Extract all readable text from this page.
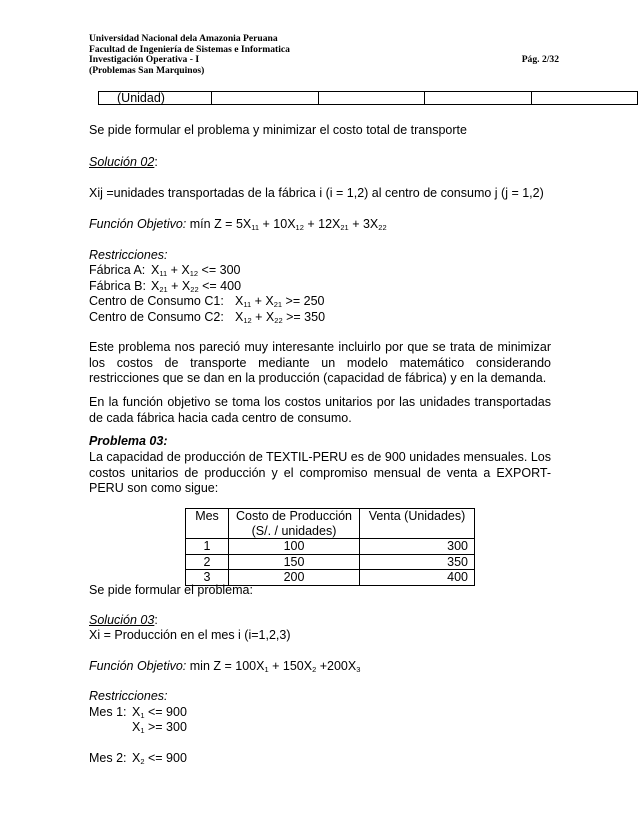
Universidad Nacional dela Amazonia Peruana
Facultad de Ingeniería de Sistemas e Informatica
Investigación Operativa - I	Pág. 2/32
(Problemas San Marquinos)
(Unidad)				
Se pide formular el problema y minimizar el costo total de transporte
Solución 02:
Xij =unidades transportadas de la fábrica i (i = 1,2) al centro de consumo j (j = 1,2)
Función Objetivo: mín $Z = 5X_{11} + 10X_{12} + 12X_{21} + 3X_{22}$
Restricciones:
Fábrica A: $X_{11} + X_{12} <= 300$
Fábrica B: $X_{21} + X_{22} <= 400$
Centro de Consumo C1: $X_{11} + X_{21} >= 250$
Centro de Consumo C2: $X_{12} + X_{22} >= 350$
Este problema nos pareció muy interesante incluirlo por que se trata de minimizar los costos de transporte mediante un modelo matemático considerando restricciones que se dan en la producción (capacidad de fábrica) y en la demanda.
En la función objetivo se toma los costos unitarios por las unidades transportadas de cada fábrica hacia cada centro de consumo.
Problema 03:
La capacidad de producción de TEXTIL-PERU es de 900 unidades mensuales. Los costos unitarios de producción y el compromiso mensual de venta a EXPORT-PERU son como sigue:
Mes	Costo de Producción (S/. / unidades)	Venta (Unidades)
1	100	300
2	150	350
3	200	400
Se pide formular el problema:
Solución 03:
Xi = Producción en el mes i (i=1,2,3)
Función Objetivo: $\min Z = 100X_1 + 150X_2 +200X_3$
Restricciones:
Mes 1: $X_1 <= 900$
$X_1 >= 300$
Mes 2: $X_2 <= 900$
